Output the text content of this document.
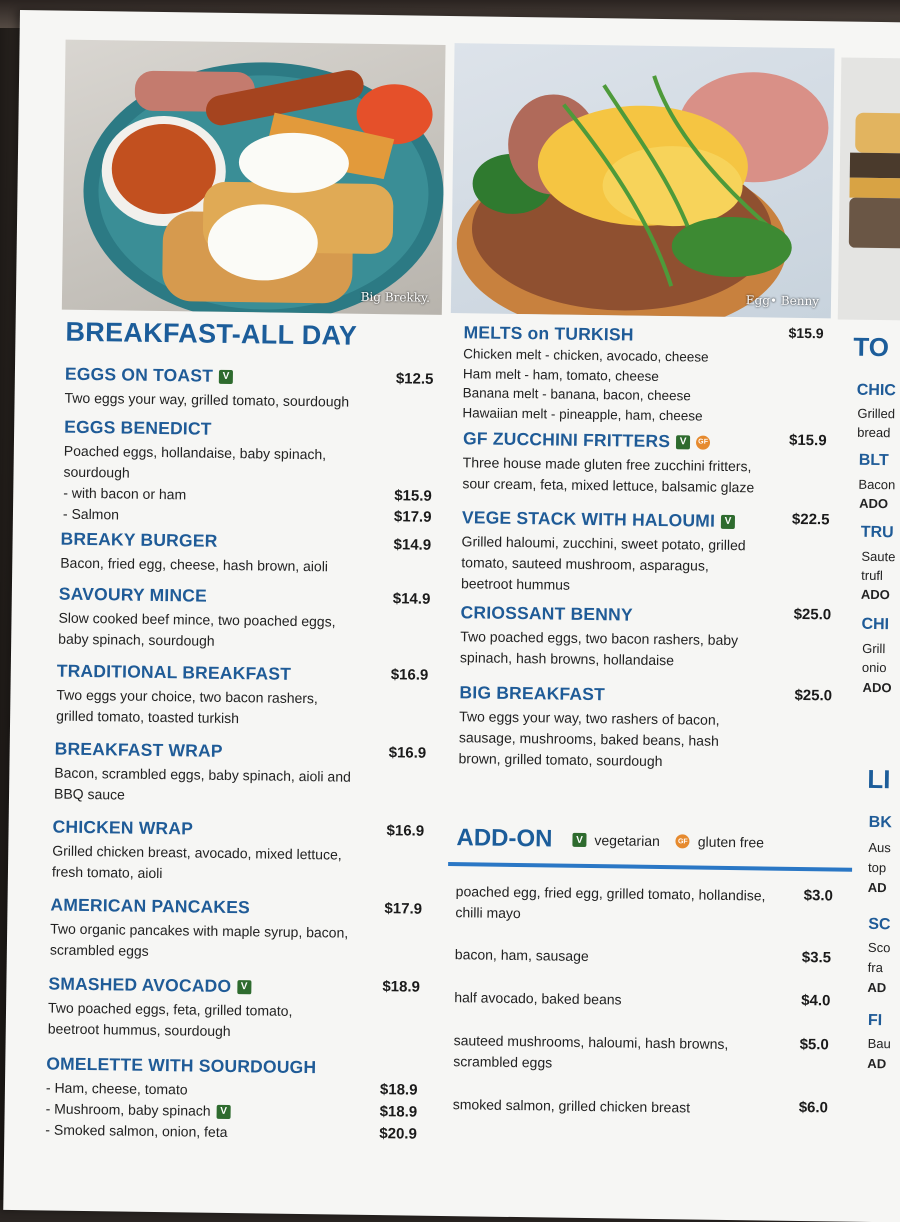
Big Brekky.	Egg• Benny
BREAKFAST-ALL DAY
EGGS ON TOAST V
Two eggs your way, grilled tomato, sourdough
$12.5
EGGS BENEDICT
Poached eggs, hollandaise, baby spinach,
sourdough
- with bacon or ham
- Salmon
$15.9
$17.9
BREAKY BURGER
Bacon, fried egg, cheese, hash brown, aioli
$14.9
SAVOURY MINCE
Slow cooked beef mince, two poached eggs,
baby spinach, sourdough
$14.9
TRADITIONAL BREAKFAST
Two eggs your choice, two bacon rashers,
grilled tomato, toasted turkish
$16.9
BREAKFAST WRAP
Bacon, scrambled eggs, baby spinach, aioli and
BBQ sauce
$16.9
CHICKEN WRAP
Grilled chicken breast, avocado, mixed lettuce,
fresh tomato, aioli
$16.9
AMERICAN PANCAKES
Two organic pancakes with maple syrup, bacon,
scrambled eggs
$17.9
SMASHED AVOCADO V
Two poached eggs, feta, grilled tomato,
beetroot hummus, sourdough
$18.9
OMELETTE WITH SOURDOUGH
- Ham, cheese, tomato
- Mushroom, baby spinach V
- Smoked salmon, onion, feta
$18.9
$18.9
$20.9
MELTS on TURKISH
Chicken melt - chicken, avocado, cheese
Ham melt - ham, tomato, cheese
Banana melt - banana, bacon, cheese
Hawaiian melt - pineapple, ham, cheese
$15.9
GF ZUCCHINI FRITTERS V	GF
Three house made gluten free zucchini fritters,
sour cream, feta, mixed lettuce, balsamic glaze
$15.9
VEGE STACK WITH HALOUMI V
Grilled haloumi, zucchini, sweet potato, grilled
tomato, sauteed mushroom, asparagus,
beetroot hummus
$22.5
CRIOSSANT BENNY
Two poached eggs, two bacon rashers, baby
spinach, hash browns, hollandaise
$25.0
BIG BREAKFAST
Two eggs your way, two rashers of bacon,
sausage, mushrooms, baked beans, hash
brown, grilled tomato, sourdough
$25.0
ADD-ON	V vegetarian	GF gluten free
poached egg, fried egg, grilled tomato, hollandise,
chilli mayo
$3.0
bacon, ham, sausage	$3.5
half avocado, baked beans	$4.0
sauteed mushrooms, haloumi, hash browns,
scrambled eggs
$5.0
smoked salmon, grilled chicken breast	$6.0
TO
CHIC
Grilled
bread
BLT
Bacon
ADO
TRU
Saute
trufl
ADO
CHI
Grill
onio
ADO
LI
BK
Aus
top
AD
SC
Sco
fra
AD
FI
Bau
AD
